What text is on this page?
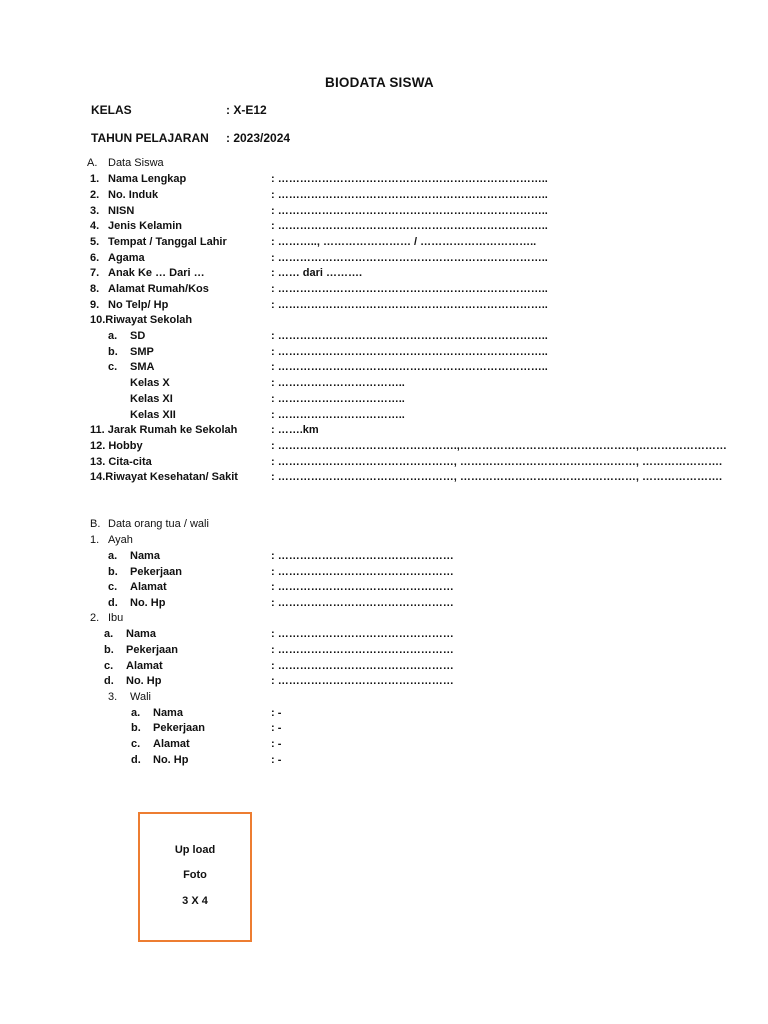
BIODATA SISWA
KELAS	: X-E12
TAHUN PELAJARAN : 2023/2024
A. Data Siswa
1. Nama Lengkap	: ………………………………………………………………..
2. No. Induk	: ………………………………………………………………..
3. NISN	: ………………………………………………………………..
4. Jenis Kelamin	: ………………………………………………………………..
5. Tempat / Tanggal Lahir	: ……….., …………………… / …………………………..
6. Agama	: ………………………………………………………………..
7. Anak Ke … Dari …	: …… dari ……….
8. Alamat Rumah/Kos	: ………………………………………………………………..
9. No Telp/ Hp	: ………………………………………………………………..
10.Riwayat Sekolah
a. SD	: ………………………………………………………………..
b. SMP	: ………………………………………………………………..
c. SMA	: ………………………………………………………………..
Kelas X	: ……………………………..
Kelas XI	: ……………………………..
Kelas XII	: ……………………………..
11. Jarak Rumah ke Sekolah	: …….km
12. Hobby	: ………………………………………….,…………………………………………,……………………
13. Cita-cita	: …………………………………………, …………………………………………, ………………….
14.Riwayat Kesehatan/ Sakit	: …………………………………………, …………………………………………, ………………….
B. Data orang tua / wali
1. Ayah
a. Nama	: …………………………………………
b. Pekerjaan	: …………………………………………
c. Alamat	: …………………………………………
d. No. Hp	: …………………………………………
2. Ibu
a. Nama	: …………………………………………
b. Pekerjaan	: …………………………………………
c. Alamat	: …………………………………………
d. No. Hp	: …………………………………………
3. Wali
a. Nama	: -
b. Pekerjaan	: -
c. Alamat	: -
d. No. Hp	: -
Up load
Foto
3 X 4
